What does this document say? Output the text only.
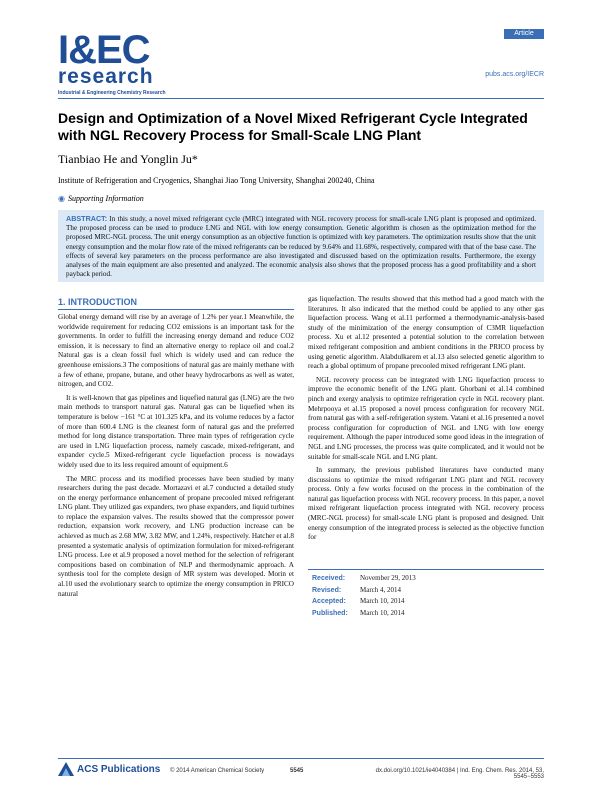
I&EC
research
Industrial & Engineering Chemistry Research
Article
pubs.acs.org/IECR
Design and Optimization of a Novel Mixed Refrigerant Cycle Integrated with NGL Recovery Process for Small-Scale LNG Plant
Tianbiao He and Yonglin Ju*
Institute of Refrigeration and Cryogenics, Shanghai Jiao Tong University, Shanghai 200240, China
◉ Supporting Information
ABSTRACT: In this study, a novel mixed refrigerant cycle (MRC) integrated with NGL recovery process for small-scale LNG plant is proposed and optimized. The proposed process can be used to produce LNG and NGL with low energy consumption. Genetic algorithm is chosen as the optimization method for the proposed MRC-NGL process. The unit energy consumption as an objective function is optimized with key parameters. The optimization results show that the unit energy consumption and the molar flow rate of the mixed refrigerants can be reduced by 9.64% and 11.68%, respectively, compared with that of the base case. The effects of several key parameters on the process performance are also investigated and discussed based on the optimization results. Furthermore, the exergy analyses of the main equipment are also presented and analyzed. The economic analysis also shows that the proposed process has a good profitability and a short payback period.
1. INTRODUCTION

Global energy demand will rise by an average of 1.2% per year.1 Meanwhile, the worldwide requirement for reducing CO2 emissions is an important task for the governments. In order to fulfill the increasing energy demand and reduce CO2 emission, it is necessary to find an alternative energy to replace oil and coal.2 Natural gas is a clean fossil fuel which is widely used and can reduce the greenhouse emissions.3 The compositions of natural gas are mainly methane with a few of ethane, propane, butane, and other heavy hydrocarbons as well as water, nitrogen, and CO2.

It is well-known that gas pipelines and liquefied natural gas (LNG) are the two main methods to transport natural gas. Natural gas can be liquefied when its temperature is below −161 °C at 101.325 kPa, and its volume reduces by a factor of more than 600.4 LNG is the cleanest form of natural gas and the preferred method for long distance transportation. Three main types of refrigeration cycle are used in LNG liquefaction process, namely cascade, mixed-refrigerant, and expander cycle.5 Mixed-refrigerant cycle liquefaction process is nowadays widely used due to its less required amount of equipment.6

The MRC process and its modified processes have been studied by many researchers during the past decade. Mortazavi et al.7 conducted a detailed study on the energy performance enhancement of propane precooled mixed refrigerant LNG plant. They utilized gas expanders, two phase expanders, and liquid turbines to replace the expansion valves. The results showed that the compressor power reduction, expansion work recovery, and LNG production increase can be achieved as much as 2.68 MW, 3.82 MW, and 1.24%, respectively. Hatcher et al.8 presented a systematic analysis of optimization formulation for mixed-refrigerant LNG process. Lee et al.9 proposed a novel method for the selection of refrigerant compositions based on combination of NLP and thermodynamic approach. A synthesis tool for the complete design of MR system was developed. Morin et al.10 used the evolutionary search to optimize the energy consumption in PRICO natural

gas liquefaction. The results showed that this method had a good match with the literatures. It also indicated that the method could be applied to any other gas liquefaction process. Wang et al.11 performed a thermodynamic-analysis-based study of the minimization of the energy consumption of C3MR liquefaction process. Xu et al.12 presented a potential solution to the correlation between mixed refrigerant composition and ambient conditions in the PRICO process by using genetic algorithm. Alabdulkarem et al.13 also selected genetic algorithm to reach a global optimum of propane precooled mixed refrigerant LNG plant.

NGL recovery process can be integrated with LNG liquefaction process to improve the economic benefit of the LNG plant. Ghorbani et al.14 combined pinch and exergy analysis to optimize refrigeration cycle in NGL recovery plant. Mehrpooya et al.15 proposed a novel process configuration for recovery NGL from natural gas with a self-refrigeration system. Vatani et al.16 presented a novel process configuration for coproduction of NGL and LNG with low energy requirement. Although the paper introduced some good ideas in the integration of NGL and LNG processes, the process was quite complicated, and it would not be suitable for small-scale NGL and LNG plant.

In summary, the previous published literatures have conducted many discussions to optimize the mixed refrigerant LNG plant and NGL recovery process. Only a few works focused on the process in the combination of the natural gas liquefaction process with NGL recovery process. In this paper, a novel mixed refrigerant liquefaction process integrated with NGL recovery process (MRC-NGL process) for small-scale LNG plant is proposed and designed. Unit energy consumption of the integrated process is selected as the objective function for

Received: November 29, 2013
Revised:	March 4, 2014
Accepted: March 10, 2014
Published: March 10, 2014
ACS Publications © 2014 American Chemical Society	5545	dx.doi.org/10.1021/ie4040384 | Ind. Eng. Chem. Res. 2014, 53, 5545−5553
